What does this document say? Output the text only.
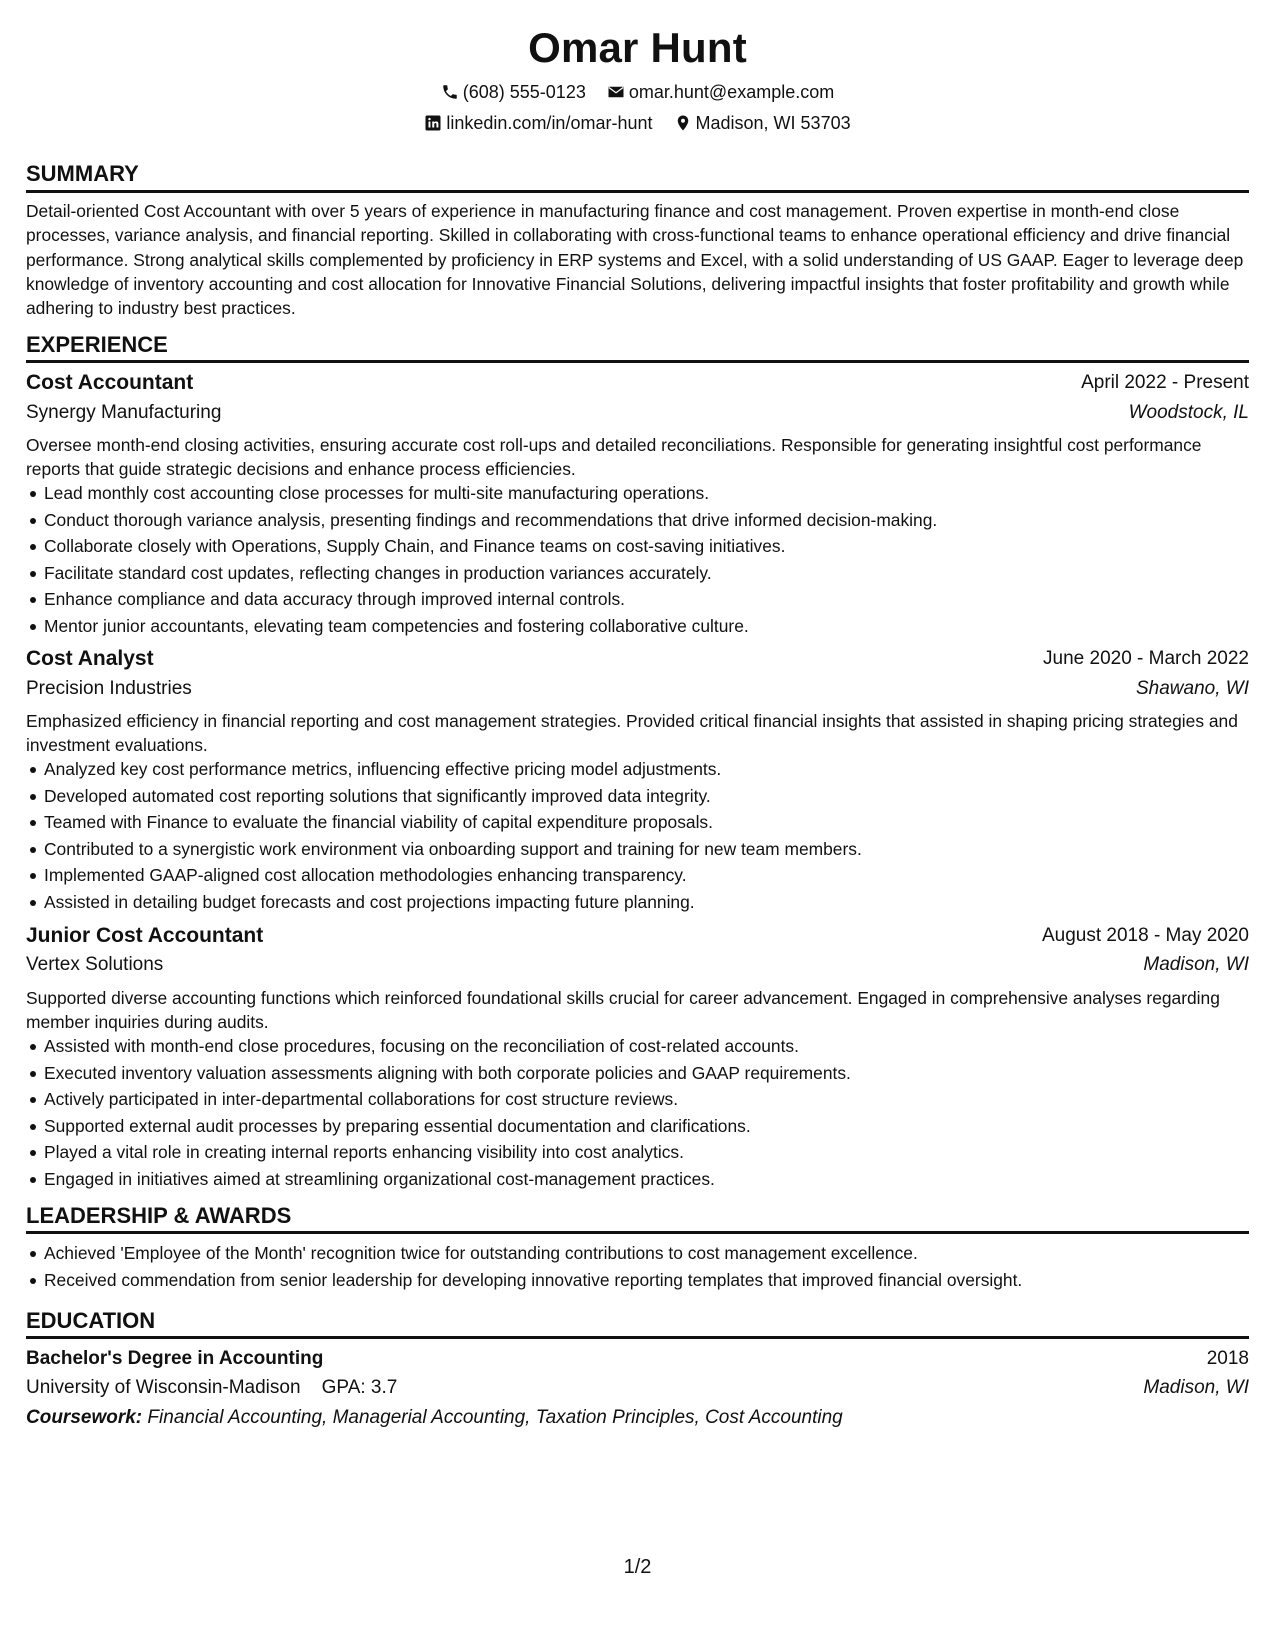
Omar Hunt
(608) 555-0123
omar.hunt@example.com
linkedin.com/in/omar-hunt
Madison, WI 53703
SUMMARY
Detail-oriented Cost Accountant with over 5 years of experience in manufacturing finance and cost management. Proven expertise in month-end close processes, variance analysis, and financial reporting. Skilled in collaborating with cross-functional teams to enhance operational efficiency and drive financial performance. Strong analytical skills complemented by proficiency in ERP systems and Excel, with a solid understanding of US GAAP. Eager to leverage deep knowledge of inventory accounting and cost allocation for Innovative Financial Solutions, delivering impactful insights that foster profitability and growth while adhering to industry best practices.
EXPERIENCE
Cost Accountant	April 2022 - Present
Synergy Manufacturing	Woodstock, IL
Oversee month-end closing activities, ensuring accurate cost roll-ups and detailed reconciliations. Responsible for generating insightful cost performance reports that guide strategic decisions and enhance process efficiencies.
Lead monthly cost accounting close processes for multi-site manufacturing operations.
Conduct thorough variance analysis, presenting findings and recommendations that drive informed decision-making.
Collaborate closely with Operations, Supply Chain, and Finance teams on cost-saving initiatives.
Facilitate standard cost updates, reflecting changes in production variances accurately.
Enhance compliance and data accuracy through improved internal controls.
Mentor junior accountants, elevating team competencies and fostering collaborative culture.
Cost Analyst	June 2020 - March 2022
Precision Industries	Shawano, WI
Emphasized efficiency in financial reporting and cost management strategies. Provided critical financial insights that assisted in shaping pricing strategies and investment evaluations.
Analyzed key cost performance metrics, influencing effective pricing model adjustments.
Developed automated cost reporting solutions that significantly improved data integrity.
Teamed with Finance to evaluate the financial viability of capital expenditure proposals.
Contributed to a synergistic work environment via onboarding support and training for new team members.
Implemented GAAP-aligned cost allocation methodologies enhancing transparency.
Assisted in detailing budget forecasts and cost projections impacting future planning.
Junior Cost Accountant	August 2018 - May 2020
Vertex Solutions	Madison, WI
Supported diverse accounting functions which reinforced foundational skills crucial for career advancement. Engaged in comprehensive analyses regarding member inquiries during audits.
Assisted with month-end close procedures, focusing on the reconciliation of cost-related accounts.
Executed inventory valuation assessments aligning with both corporate policies and GAAP requirements.
Actively participated in inter-departmental collaborations for cost structure reviews.
Supported external audit processes by preparing essential documentation and clarifications.
Played a vital role in creating internal reports enhancing visibility into cost analytics.
Engaged in initiatives aimed at streamlining organizational cost-management practices.
LEADERSHIP & AWARDS
Achieved 'Employee of the Month' recognition twice for outstanding contributions to cost management excellence.
Received commendation from senior leadership for developing innovative reporting templates that improved financial oversight.
EDUCATION
Bachelor's Degree in Accounting	2018
University of Wisconsin-Madison GPA: 3.7	Madison, WI
Coursework: Financial Accounting, Managerial Accounting, Taxation Principles, Cost Accounting
1/2
